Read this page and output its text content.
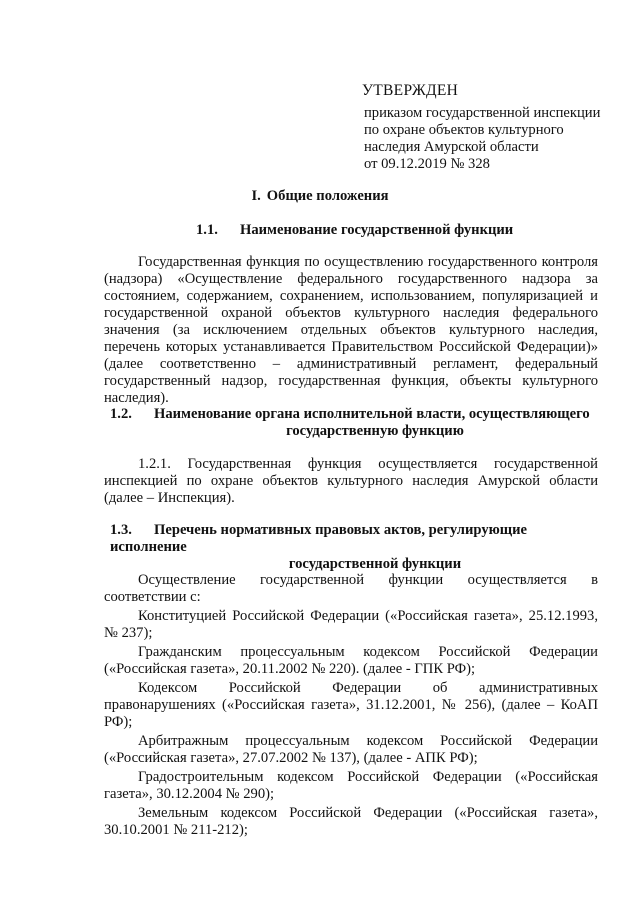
УТВЕРЖДЕН
приказом государственной инспекции
по охране объектов культурного
наследия Амурской области
от 09.12.2019 № 328
I. Общие положения
1.1. Наименование государственной функции

Государственная функция по осуществлению государственного контроля (надзора) «Осуществление федерального государственного надзора за состоянием, содержанием, сохранением, использованием, популяризацией и государственной охраной объектов культурного наследия федерального значения (за исключением отдельных объектов культурного наследия, перечень которых устанавливается Правительством Российской Федерации)» (далее соответственно – административный регламент, федеральный государственный надзор, государственная функция, объекты культурного наследия).

1.2. Наименование органа исполнительной власти, осуществляющего
государственную функцию

1.2.1. Государственная функция осуществляется государственной инспекцией по охране объектов культурного наследия Амурской области (далее – Инспекция).

1.3. Перечень нормативных правовых актов, регулирующие исполнение
государственной функции

Осуществление государственной функции осуществляется в соответствии с:

Конституцией Российской Федерации («Российская газета», 25.12.1993, № 237);

Гражданским процессуальным кодексом Российской Федерации («Российская газета», 20.11.2002 № 220). (далее - ГПК РФ);

Кодексом Российской Федерации об административных правонарушениях («Российская газета», 31.12.2001, № 256), (далее – КоАП РФ);

Арбитражным процессуальным кодексом Российской Федерации («Российская газета», 27.07.2002 № 137), (далее - АПК РФ);

Градостроительным кодексом Российской Федерации («Российская газета», 30.12.2004 № 290);

Земельным кодексом Российской Федерации («Российская газета», 30.10.2001 № 211-212);
